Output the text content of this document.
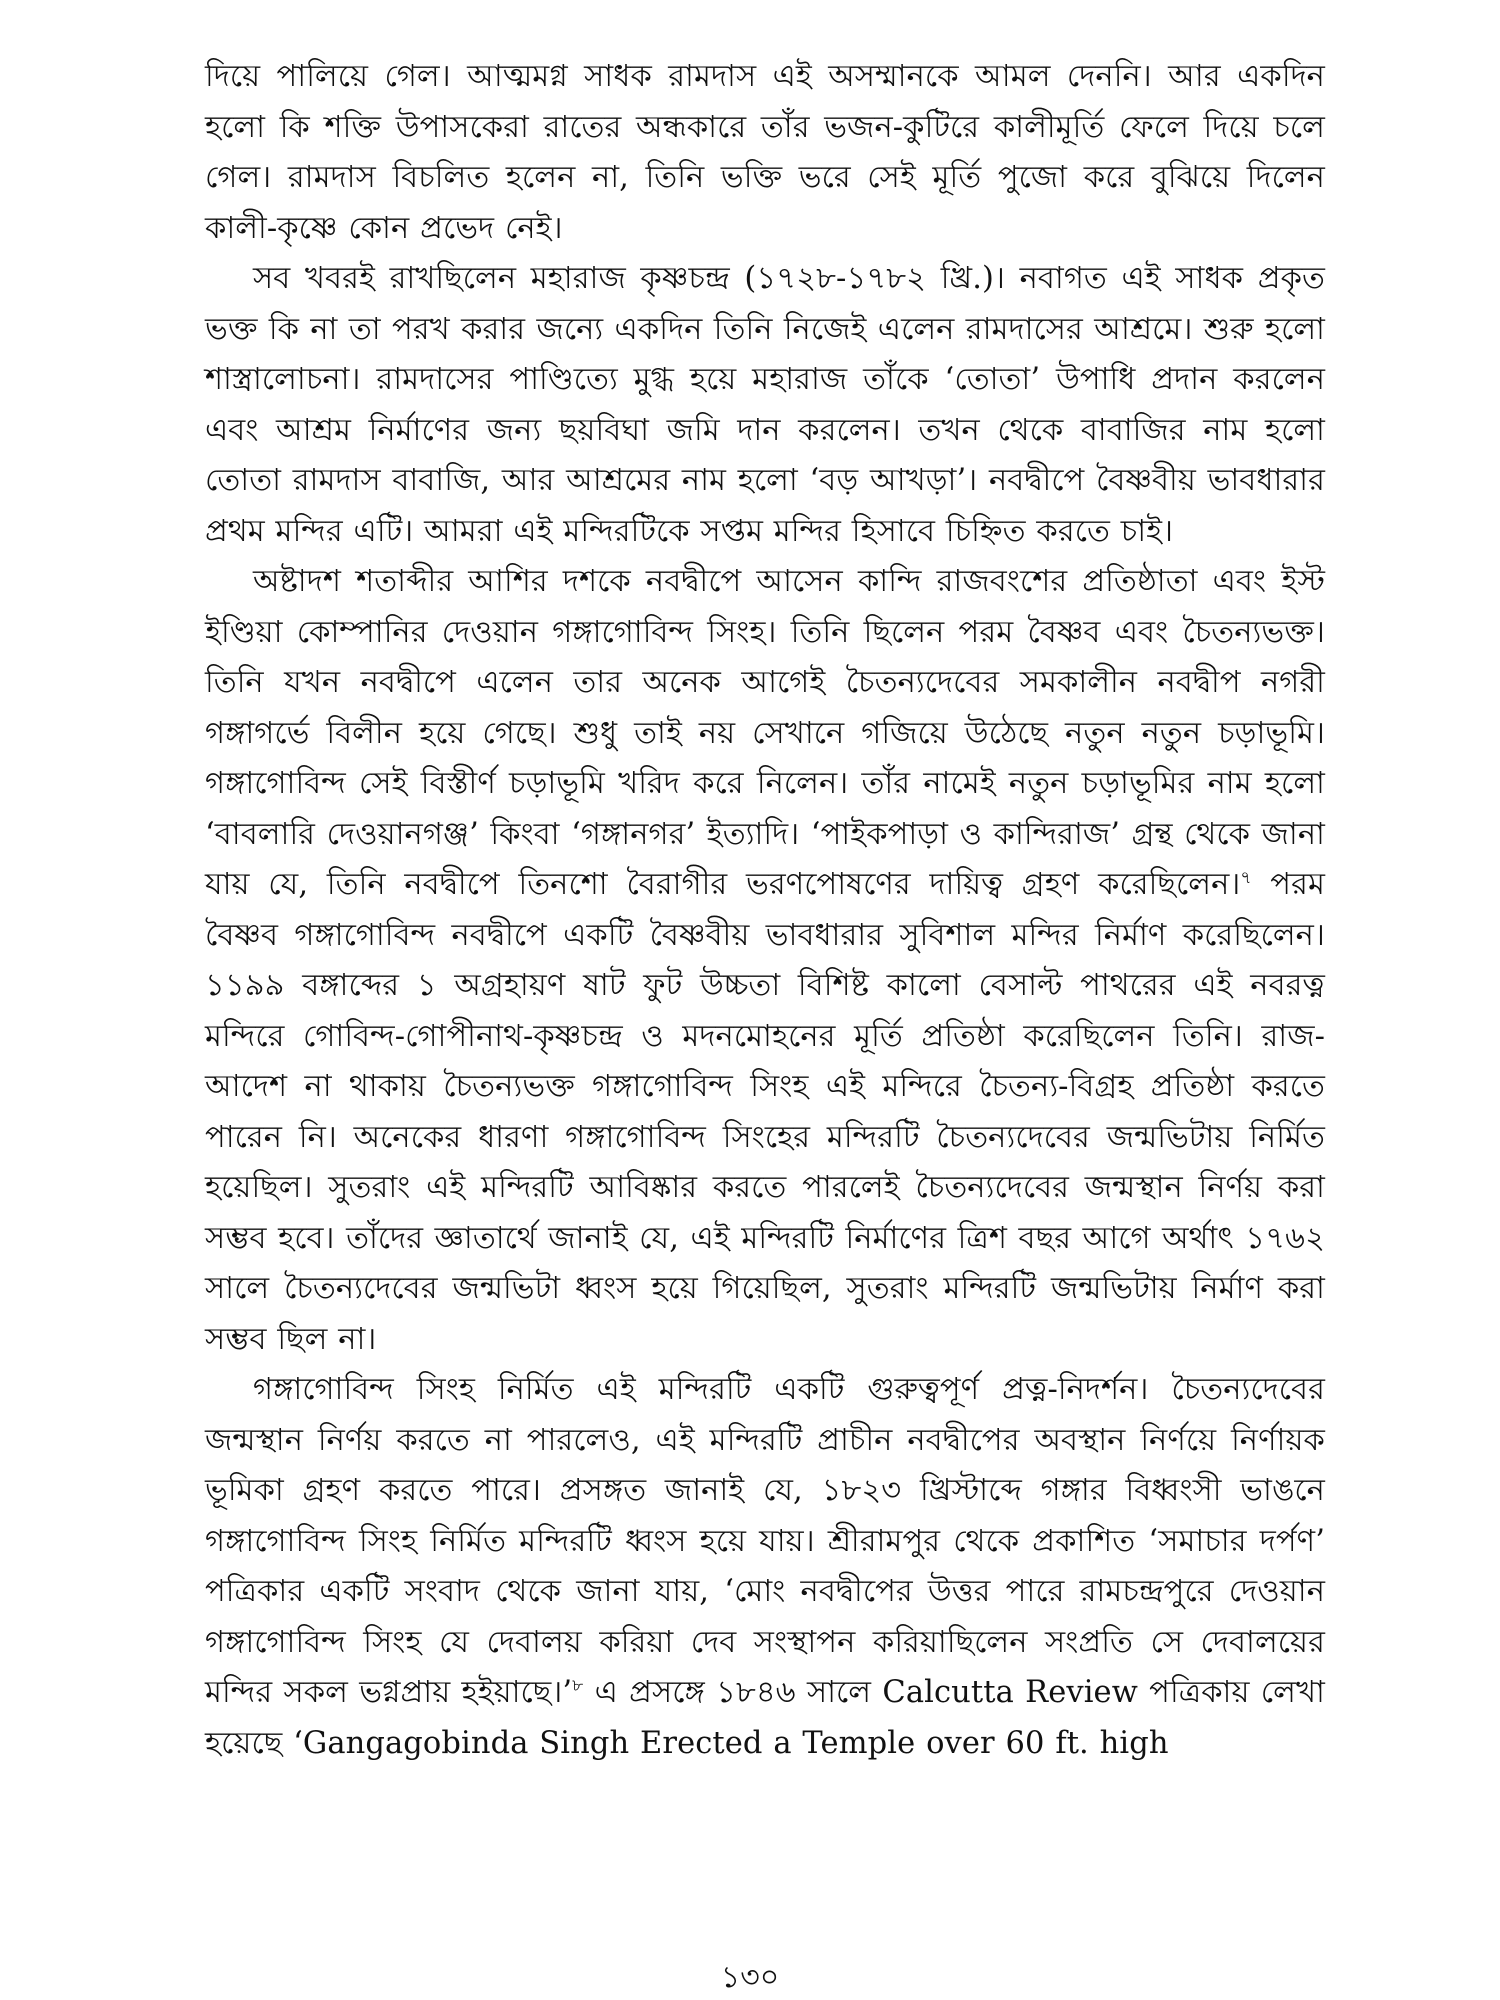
দিয়ে পালিয়ে গেল। আত্মমগ্ন সাধক রামদাস এই অসম্মানকে আমল দেননি। আর একদিন হলো কি শক্তি উপাসকেরা রাতের অন্ধকারে তাঁর ভজন-কুটিরে কালীমূর্তি ফেলে দিয়ে চলে গেল। রামদাস বিচলিত হলেন না, তিনি ভক্তি ভরে সেই মূর্তি পুজো করে বুঝিয়ে দিলেন কালী-কৃষ্ণে কোন প্রভেদ নেই।

সব খবরই রাখছিলেন মহারাজ কৃষ্ণচন্দ্র (১৭২৮-১৭৮২ খ্রি.)। নবাগত এই সাধক প্রকৃত ভক্ত কি না তা পরখ করার জন্যে একদিন তিনি নিজেই এলেন রামদাসের আশ্রমে। শুরু হলো শাস্ত্রালোচনা। রামদাসের পাণ্ডিত্যে মুগ্ধ হয়ে মহারাজ তাঁকে ‘তোতা’ উপাধি প্রদান করলেন এবং আশ্রম নির্মাণের জন্য ছয়বিঘা জমি দান করলেন। তখন থেকে বাবাজির নাম হলো তোতা রামদাস বাবাজি, আর আশ্রমের নাম হলো ‘বড় আখড়া’। নবদ্বীপে বৈষ্ণবীয় ভাবধারার প্রথম মন্দির এটি। আমরা এই মন্দিরটিকে সপ্তম মন্দির হিসাবে চিহ্নিত করতে চাই।

অষ্টাদশ শতাব্দীর আশির দশকে নবদ্বীপে আসেন কান্দি রাজবংশের প্রতিষ্ঠাতা এবং ইস্ট ইণ্ডিয়া কোম্পানির দেওয়ান গঙ্গাগোবিন্দ সিংহ। তিনি ছিলেন পরম বৈষ্ণব এবং চৈতন্যভক্ত। তিনি যখন নবদ্বীপে এলেন তার অনেক আগেই চৈতন্যদেবের সমকালীন নবদ্বীপ নগরী গঙ্গাগর্ভে বিলীন হয়ে গেছে। শুধু তাই নয় সেখানে গজিয়ে উঠেছে নতুন নতুন চড়াভূমি। গঙ্গাগোবিন্দ সেই বিস্তীর্ণ চড়াভূমি খরিদ করে নিলেন। তাঁর নামেই নতুন চড়াভূমির নাম হলো ‘বাবলারি দেওয়ানগঞ্জ’ কিংবা ‘গঙ্গানগর’ ইত্যাদি। ‘পাইকপাড়া ও কান্দিরাজ’ গ্রন্থ থেকে জানা যায় যে, তিনি নবদ্বীপে তিনশো বৈরাগীর ভরণপোষণের দায়িত্ব গ্রহণ করেছিলেন।$^৭$ পরম বৈষ্ণব গঙ্গাগোবিন্দ নবদ্বীপে একটি বৈষ্ণবীয় ভাবধারার সুবিশাল মন্দির নির্মাণ করেছিলেন। ১১৯৯ বঙ্গাব্দের ১ অগ্রহায়ণ ষাট ফুট উচ্চতা বিশিষ্ট কালো বেসাল্ট পাথরের এই নবরত্ন মন্দিরে গোবিন্দ-গোপীনাথ-কৃষ্ণচন্দ্র ও মদনমোহনের মূর্তি প্রতিষ্ঠা করেছিলেন তিনি। রাজ-আদেশ না থাকায় চৈতন্যভক্ত গঙ্গাগোবিন্দ সিংহ এই মন্দিরে চৈতন্য-বিগ্রহ প্রতিষ্ঠা করতে পারেন নি। অনেকের ধারণা গঙ্গাগোবিন্দ সিংহের মন্দিরটি চৈতন্যদেবের জন্মভিটায় নির্মিত হয়েছিল। সুতরাং এই মন্দিরটি আবিষ্কার করতে পারলেই চৈতন্যদেবের জন্মস্থান নির্ণয় করা সম্ভব হবে। তাঁদের জ্ঞাতার্থে জানাই যে, এই মন্দিরটি নির্মাণের ত্রিশ বছর আগে অর্থাৎ ১৭৬২ সালে চৈতন্যদেবের জন্মভিটা ধ্বংস হয়ে গিয়েছিল, সুতরাং মন্দিরটি জন্মভিটায় নির্মাণ করা সম্ভব ছিল না।

গঙ্গাগোবিন্দ সিংহ নির্মিত এই মন্দিরটি একটি গুরুত্বপূর্ণ প্রত্ন-নিদর্শন। চৈতন্যদেবের জন্মস্থান নির্ণয় করতে না পারলেও, এই মন্দিরটি প্রাচীন নবদ্বীপের অবস্থান নির্ণয়ে নির্ণায়ক ভূমিকা গ্রহণ করতে পারে। প্রসঙ্গত জানাই যে, ১৮২৩ খ্রিস্টাব্দে গঙ্গার বিধ্বংসী ভাঙনে গঙ্গাগোবিন্দ সিংহ নির্মিত মন্দিরটি ধ্বংস হয়ে যায়। শ্রীরামপুর থেকে প্রকাশিত ‘সমাচার দর্পণ’ পত্রিকার একটি সংবাদ থেকে জানা যায়, ‘মোং নবদ্বীপের উত্তর পারে রামচন্দ্রপুরে দেওয়ান গঙ্গাগোবিন্দ সিংহ যে দেবালয় করিয়া দেব সংস্থাপন করিয়াছিলেন সংপ্রতি সে দেবালয়ের মন্দির সকল ভগ্নপ্রায় হইয়াছে।’$^৮$ এ প্রসঙ্গে ১৮৪৬ সালে Calcutta Review পত্রিকায় লেখা হয়েছে ‘Gangagobinda Singh Erected a Temple over 60 ft. high

১৩০
